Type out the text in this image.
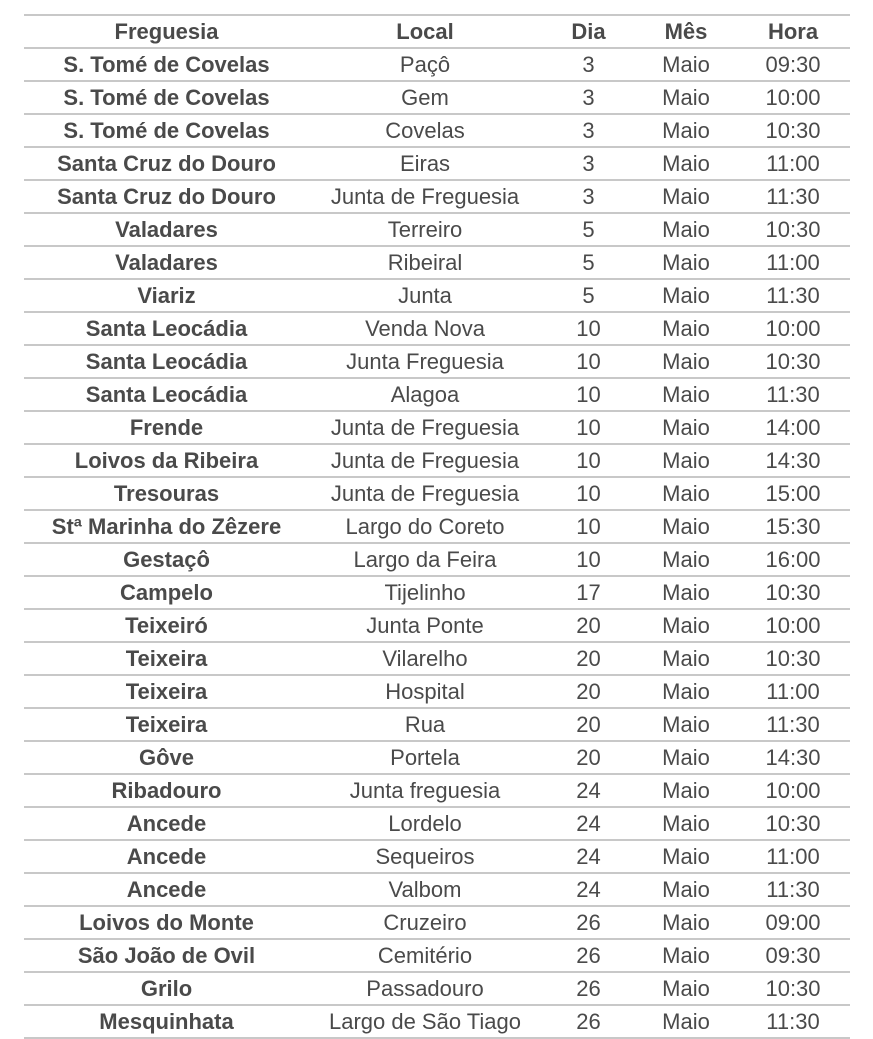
Freguesia	Local	Dia	Mês	Hora
S. Tomé de Covelas	Paçô	3	Maio	09:30
S. Tomé de Covelas	Gem	3	Maio	10:00
S. Tomé de Covelas	Covelas	3	Maio	10:30
Santa Cruz do Douro	Eiras	3	Maio	11:00
Santa Cruz do Douro	Junta de Freguesia	3	Maio	11:30
Valadares	Terreiro	5	Maio	10:30
Valadares	Ribeiral	5	Maio	11:00
Viariz	Junta	5	Maio	11:30
Santa Leocádia	Venda Nova	10	Maio	10:00
Santa Leocádia	Junta Freguesia	10	Maio	10:30
Santa Leocádia	Alagoa	10	Maio	11:30
Frende	Junta de Freguesia	10	Maio	14:00
Loivos da Ribeira	Junta de Freguesia	10	Maio	14:30
Tresouras	Junta de Freguesia	10	Maio	15:00
Stª Marinha do Zêzere	Largo do Coreto	10	Maio	15:30
Gestaçô	Largo da Feira	10	Maio	16:00
Campelo	Tijelinho	17	Maio	10:30
Teixeiró	Junta Ponte	20	Maio	10:00
Teixeira	Vilarelho	20	Maio	10:30
Teixeira	Hospital	20	Maio	11:00
Teixeira	Rua	20	Maio	11:30
Gôve	Portela	20	Maio	14:30
Ribadouro	Junta freguesia	24	Maio	10:00
Ancede	Lordelo	24	Maio	10:30
Ancede	Sequeiros	24	Maio	11:00
Ancede	Valbom	24	Maio	11:30
Loivos do Monte	Cruzeiro	26	Maio	09:00
São João de Ovil	Cemitério	26	Maio	09:30
Grilo	Passadouro	26	Maio	10:30
Mesquinhata	Largo de São Tiago	26	Maio	11:30
